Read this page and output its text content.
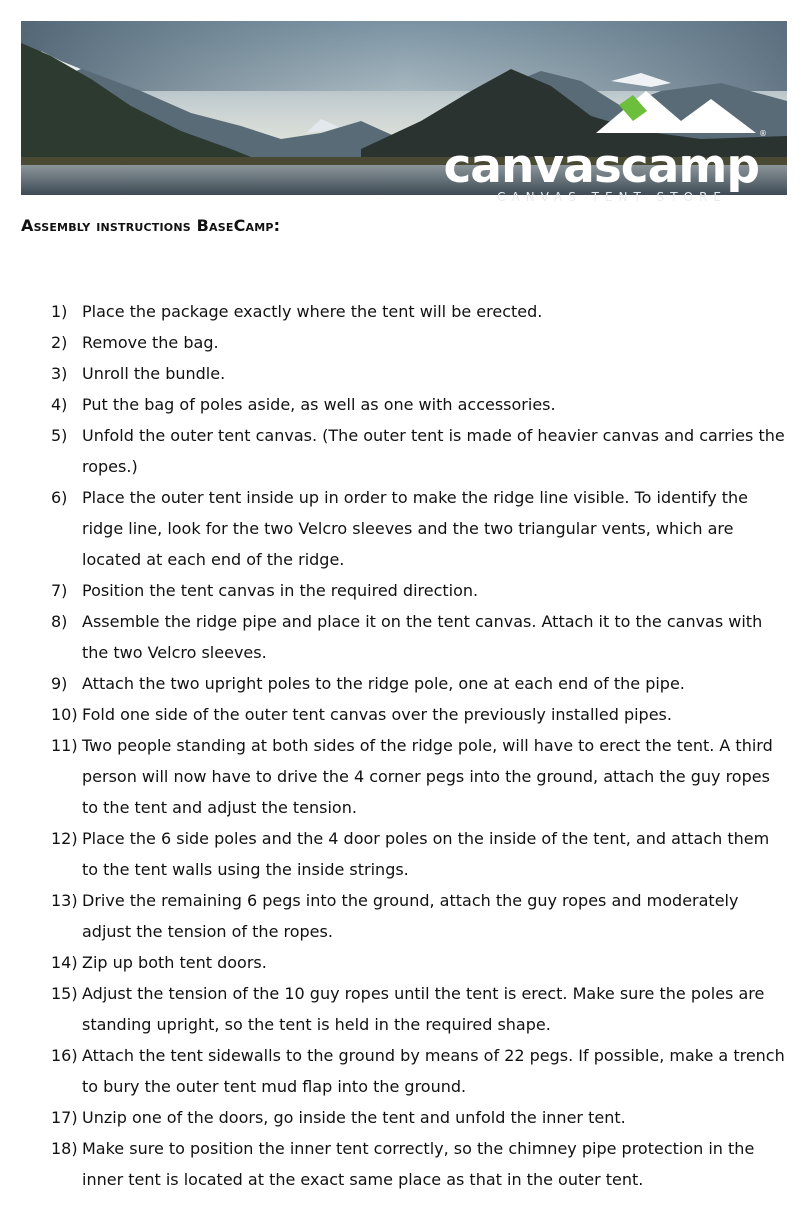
®
canvascamp
CANVAS TENT STORE
Assembly instructions BaseCamp:
1) Place the package exactly where the tent will be erected.
2) Remove the bag.
3) Unroll the bundle.
4) Put the bag of poles aside, as well as one with accessories.
5) Unfold the outer tent canvas. (The outer tent is made of heavier canvas and carries the ropes.)
6) Place the outer tent inside up in order to make the ridge line visible. To identify the ridge line, look for the two Velcro sleeves and the two triangular vents, which are located at each end of the ridge.
7) Position the tent canvas in the required direction.
8) Assemble the ridge pipe and place it on the tent canvas. Attach it to the canvas with the two Velcro sleeves.
9) Attach the two upright poles to the ridge pole, one at each end of the pipe.
10) Fold one side of the outer tent canvas over the previously installed pipes.
11) Two people standing at both sides of the ridge pole, will have to erect the tent. A third person will now have to drive the 4 corner pegs into the ground, attach the guy ropes to the tent and adjust the tension.
12) Place the 6 side poles and the 4 door poles on the inside of the tent, and attach them to the tent walls using the inside strings.
13) Drive the remaining 6 pegs into the ground, attach the guy ropes and moderately adjust the tension of the ropes.
14) Zip up both tent doors.
15) Adjust the tension of the 10 guy ropes until the tent is erect. Make sure the poles are standing upright, so the tent is held in the required shape.
16) Attach the tent sidewalls to the ground by means of 22 pegs. If possible, make a trench to bury the outer tent mud flap into the ground.
17) Unzip one of the doors, go inside the tent and unfold the inner tent.
18) Make sure to position the inner tent correctly, so the chimney pipe protection in the inner tent is located at the exact same place as that in the outer tent.
